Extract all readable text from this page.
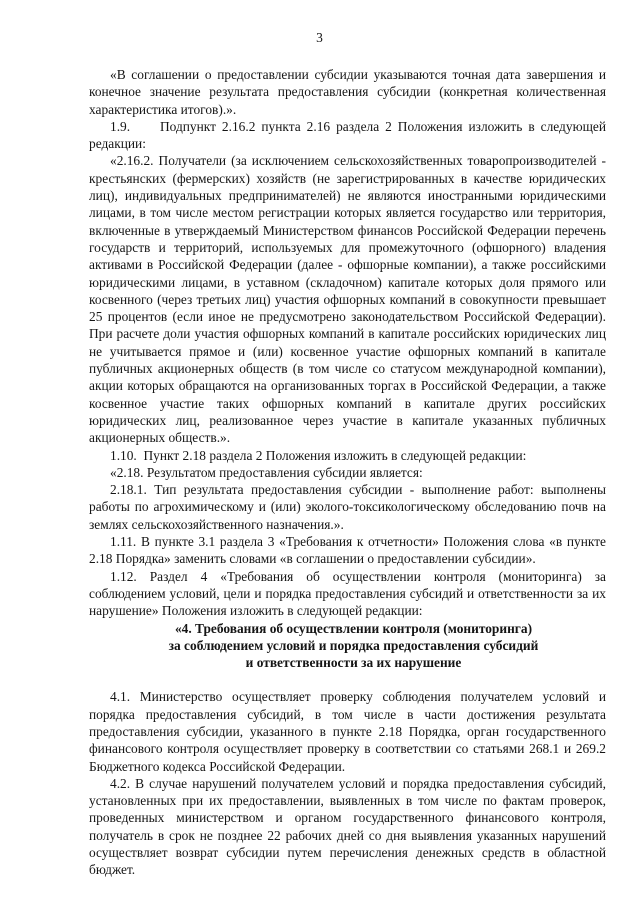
3

«В соглашении о предоставлении субсидии указываются точная дата завершения и конечное значение результата предоставления субсидии (конкретная количественная характеристика итогов).».

1.9.     Подпункт 2.16.2 пункта 2.16 раздела 2 Положения изложить в следующей редакции:

«2.16.2. Получатели (за исключением сельскохозяйственных товаропроизводителей - крестьянских (фермерских) хозяйств (не зарегистрированных в качестве юридических лиц), индивидуальных предпринимателей) не являются иностранными юридическими лицами, в том числе местом регистрации которых является государство или территория, включенные в утверждаемый Министерством финансов Российской Федерации перечень государств и территорий, используемых для промежуточного (офшорного) владения активами в Российской Федерации (далее - офшорные компании), а также российскими юридическими лицами, в уставном (складочном) капитале которых доля прямого или косвенного (через третьих лиц) участия офшорных компаний в совокупности превышает 25 процентов (если иное не предусмотрено законодательством Российской Федерации). При расчете доли участия офшорных компаний в капитале российских юридических лиц не учитывается прямое и (или) косвенное участие офшорных компаний в капитале публичных акционерных обществ (в том числе со статусом международной компании), акции которых обращаются на организованных торгах в Российской Федерации, а также косвенное участие таких офшорных компаний в капитале других российских юридических лиц, реализованное через участие в капитале указанных публичных акционерных обществ.».

1.10.  Пункт 2.18 раздела 2 Положения изложить в следующей редакции:

«2.18. Результатом предоставления субсидии является:

2.18.1. Тип результата предоставления субсидии - выполнение работ: выполнены работы по агрохимическому и (или) эколого-токсикологическому обследованию почв на землях сельскохозяйственного назначения.».

1.11. В пункте 3.1 раздела 3 «Требования к отчетности» Положения слова «в пункте 2.18 Порядка» заменить словами «в соглашении о предоставлении субсидии».

1.12. Раздел 4 «Требования об осуществлении контроля (мониторинга) за соблюдением условий, цели и порядка предоставления субсидий и ответственности за их нарушение» Положения изложить в следующей редакции:

«4. Требования об осуществлении контроля (мониторинга)
за соблюдением условий и порядка предоставления субсидий
и ответственности за их нарушение

4.1. Министерство осуществляет проверку соблюдения получателем условий и порядка предоставления субсидий, в том числе в части достижения результата предоставления субсидии, указанного в пункте 2.18 Порядка, орган государственного финансового контроля осуществляет проверку в соответствии со статьями 268.1 и 269.2 Бюджетного кодекса Российской Федерации.

4.2. В случае нарушений получателем условий и порядка предоставления субсидий, установленных при их предоставлении, выявленных в том числе по фактам проверок, проведенных министерством и органом государственного финансового контроля, получатель в срок не позднее 22 рабочих дней со дня выявления указанных нарушений осуществляет возврат субсидии путем перечисления денежных средств в областной бюджет.
